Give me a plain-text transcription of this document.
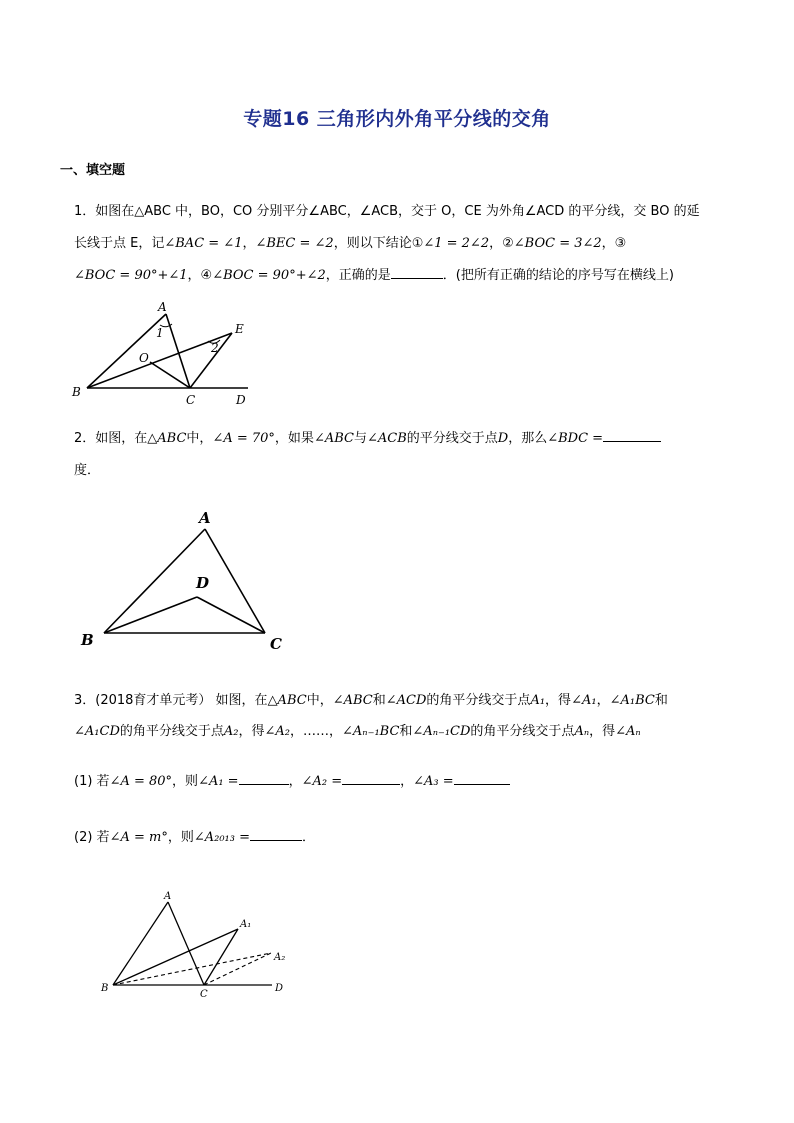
专题16 三角形内外角平分线的交角
一、填空题
1．如图在△ABC 中，BO，CO 分别平分∠ABC，∠ACB，交于 O，CE 为外角∠ACD 的平分线，交 BO 的延
长线于点 E，记∠BAC = ∠1，∠BEC = ∠2，则以下结论①∠1 = 2∠2，②∠BOC = 3∠2，③
∠BOC = 90°+∠1，④∠BOC = 90°+∠2，正确的是	．(把所有正确的结论的序号写在横线上)
A
B
C	D
E
O
1
2
A
B	C
D
A
A₁
A₂
B
C
D
2．如图，在△ABC中，∠A = 70°，如果∠ABC与∠ACB的平分线交于点D，那么∠BDC =
度．
3．(2018育才单元考） 如图，在△ABC中，∠ABC和∠ACD的角平分线交于点A₁，得∠A₁，∠A₁BC和
∠A₁CD的角平分线交于点A₂，得∠A₂，……，∠Aₙ₋₁BC和∠Aₙ₋₁CD的角平分线交于点Aₙ，得∠Aₙ
(1) 若∠A = 80°，则∠A₁ =	，∠A₂ =	，∠A₃ =
(2) 若∠A = m°，则∠A₂₀₁₃ =	．
